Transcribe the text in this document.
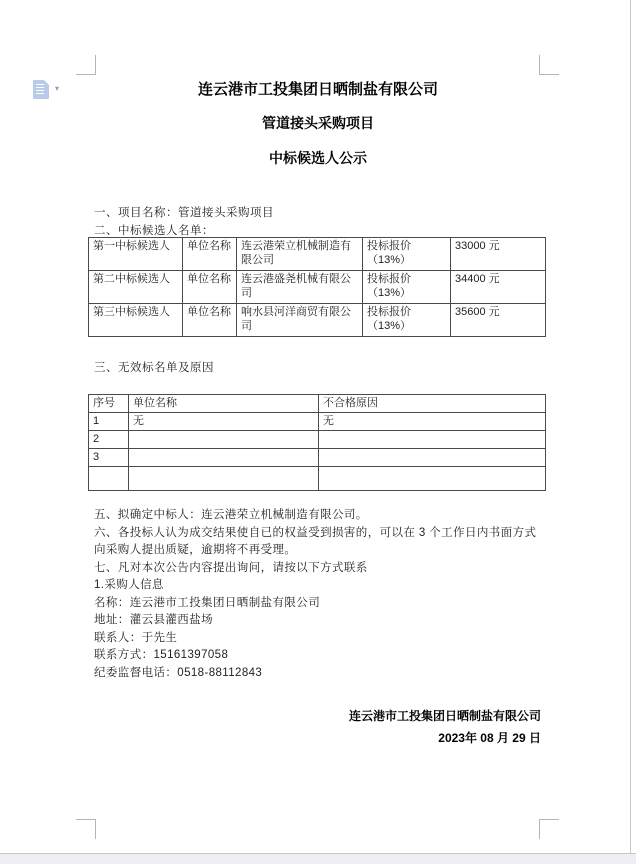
▾	连云港市工投集团日晒制盐有限公司
管道接头采购项目
中标候选人公示
一、项目名称：管道接头采购项目
二、中标候选人名单：
第一中标候选人	单位名称	连云港荣立机械制造有限公司	投标报价（13%）	33000 元
第二中标候选人	单位名称	连云港盛尧机械有限公司	投标报价（13%）	34400 元
第三中标候选人	单位名称	响水县河洋商贸有限公司	投标报价（13%）	35600 元
三、无效标名单及原因
序号	单位名称	不合格原因
1	无	无
2		
3		

五、拟确定中标人：连云港荣立机械制造有限公司。
六、各投标人认为成交结果使自已的权益受到损害的，可以在 3 个工作日内书面方式向采购人提出质疑，逾期将不再受理。
七、凡对本次公告内容提出询问，请按以下方式联系
1.采购人信息
名称：连云港市工投集团日晒制盐有限公司
地址：灌云县灌西盐场
联系人：于先生
联系方式：15161397058
纪委监督电话：0518-88112843
连云港市工投集团日晒制盐有限公司
2023年 08 月 29 日
